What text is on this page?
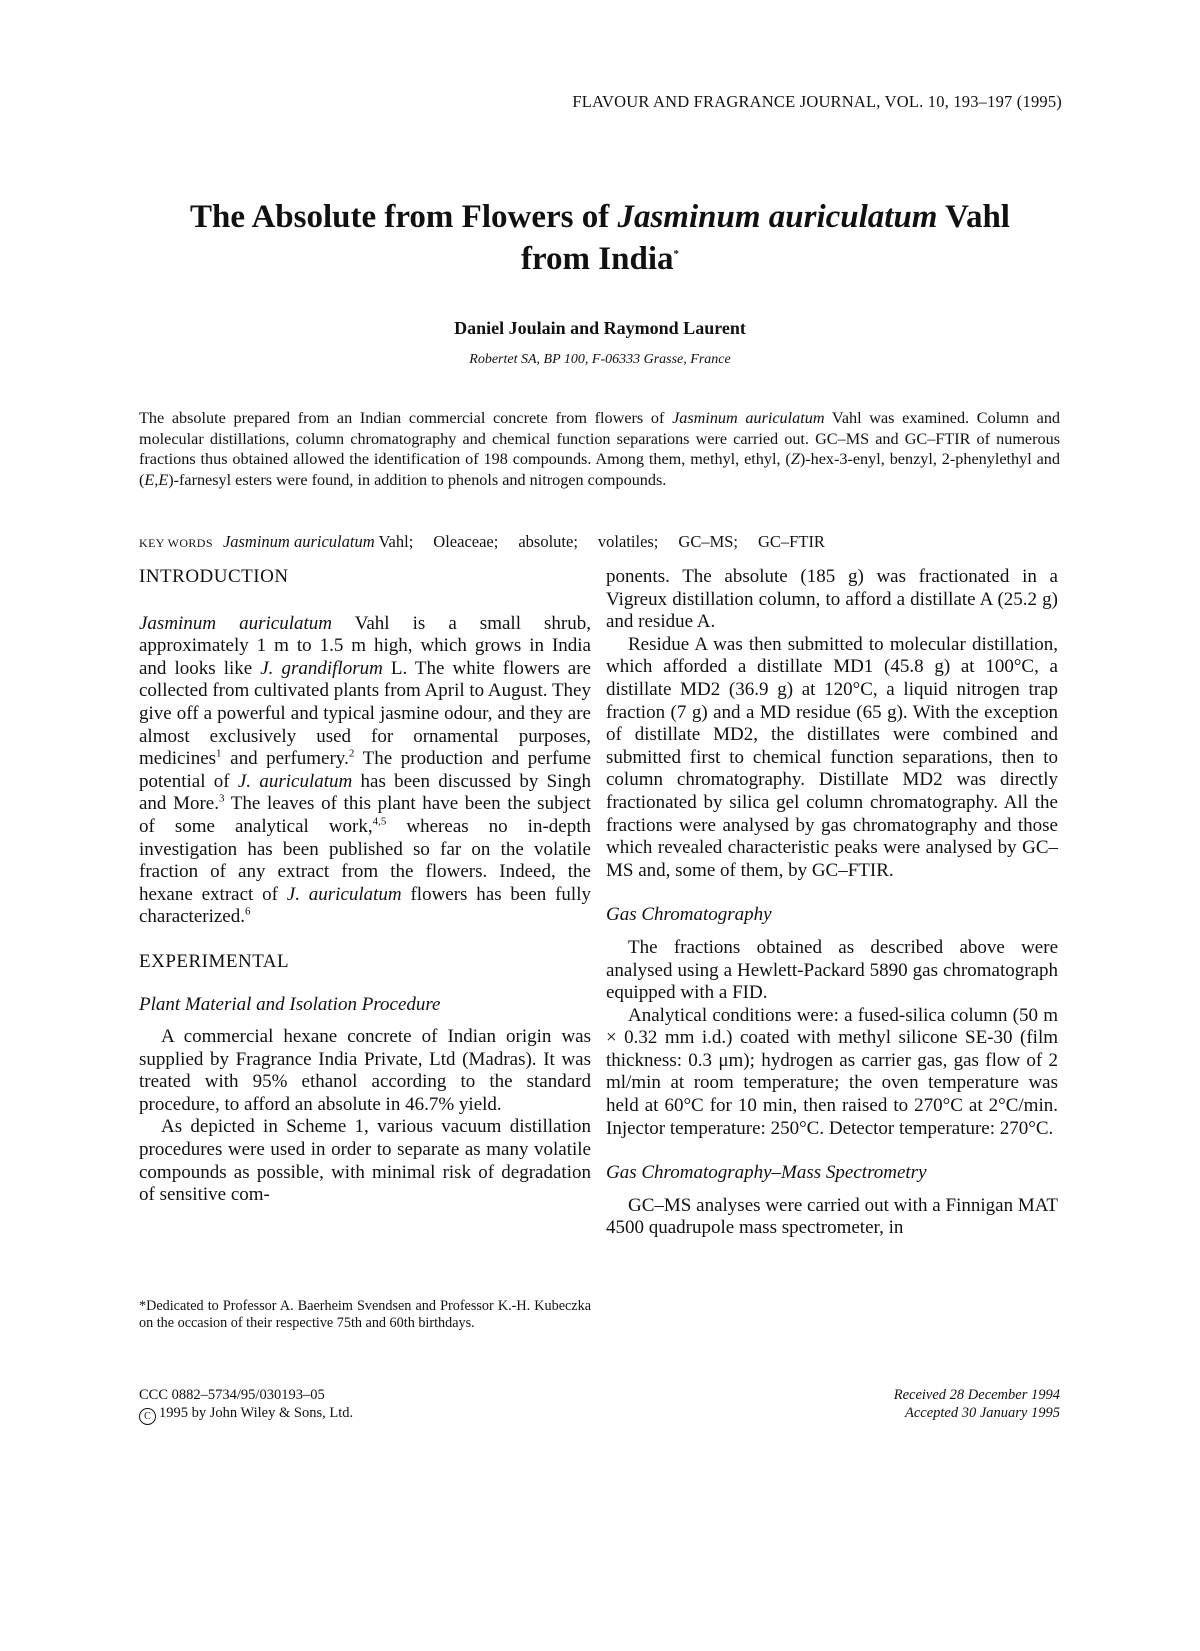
FLAVOUR AND FRAGRANCE JOURNAL, VOL. 10, 193–197 (1995)
The Absolute from Flowers of Jasminum auriculatum Vahl
from India*
Daniel Joulain and Raymond Laurent
Robertet SA, BP 100, F-06333 Grasse, France

The absolute prepared from an Indian commercial concrete from flowers of Jasminum auriculatum Vahl was examined. Column and molecular distillations, column chromatography and chemical function separations were carried out. GC–MS and GC–FTIR of numerous fractions thus obtained allowed the identification of 198 compounds. Among them, methyl, ethyl, (Z)-hex-3-enyl, benzyl, 2-phenylethyl and (E,E)-farnesyl esters were found, in addition to phenols and nitrogen compounds.

KEY WORDS Jasminum auriculatum Vahl; Oleaceae; absolute; volatiles; GC–MS; GC–FTIR

INTRODUCTION

Jasminum auriculatum Vahl is a small shrub, approximately 1 m to 1.5 m high, which grows in India and looks like J. grandiflorum L. The white flowers are collected from cultivated plants from April to August. They give off a powerful and typical jasmine odour, and they are almost exclusively used for ornamental purposes, medicines$^1$ and perfumery.$^2$ The production and perfume potential of J. auriculatum has been discussed by Singh and More.$^3$ The leaves of this plant have been the subject of some analytical work,$^{4,5}$ whereas no in-depth investigation has been published so far on the volatile fraction of any extract from the flowers. Indeed, the hexane extract of J. auriculatum flowers has been fully characterized.$^6$

EXPERIMENTAL

Plant Material and Isolation Procedure

A commercial hexane concrete of Indian origin was supplied by Fragrance India Private, Ltd (Madras). It was treated with 95% ethanol according to the standard procedure, to afford an absolute in 46.7% yield.

As depicted in Scheme 1, various vacuum distillation procedures were used in order to separate as many volatile compounds as possible, with minimal risk of degradation of sensitive com-

*Dedicated to Professor A. Baerheim Svendsen and Professor K.-H. Kubeczka on the occasion of their respective 75th and 60th birthdays.
CCC 0882–5734/95/030193–05
C 1995 by John Wiley & Sons, Ltd.

ponents. The absolute (185 g) was fractionated in a Vigreux distillation column, to afford a distillate A (25.2 g) and residue A.

Residue A was then submitted to molecular distillation, which afforded a distillate MD1 (45.8 g) at 100°C, a distillate MD2 (36.9 g) at 120°C, a liquid nitrogen trap fraction (7 g) and a MD residue (65 g). With the exception of distillate MD2, the distillates were combined and submitted first to chemical function separations, then to column chromatography. Distillate MD2 was directly fractionated by silica gel column chromatography. All the fractions were analysed by gas chromatography and those which revealed characteristic peaks were analysed by GC–MS and, some of them, by GC–FTIR.

Gas Chromatography

The fractions obtained as described above were analysed using a Hewlett-Packard 5890 gas chromatograph equipped with a FID.

Analytical conditions were: a fused-silica column (50 m × 0.32 mm i.d.) coated with methyl silicone SE-30 (film thickness: 0.3 μm); hydrogen as carrier gas, gas flow of 2 ml/min at room temperature; the oven temperature was held at 60°C for 10 min, then raised to 270°C at 2°C/min. Injector temperature: 250°C. Detector temperature: 270°C.

Gas Chromatography–Mass Spectrometry

GC–MS analyses were carried out with a Finnigan MAT 4500 quadrupole mass spectrometer, in

Received 28 December 1994
Accepted 30 January 1995
